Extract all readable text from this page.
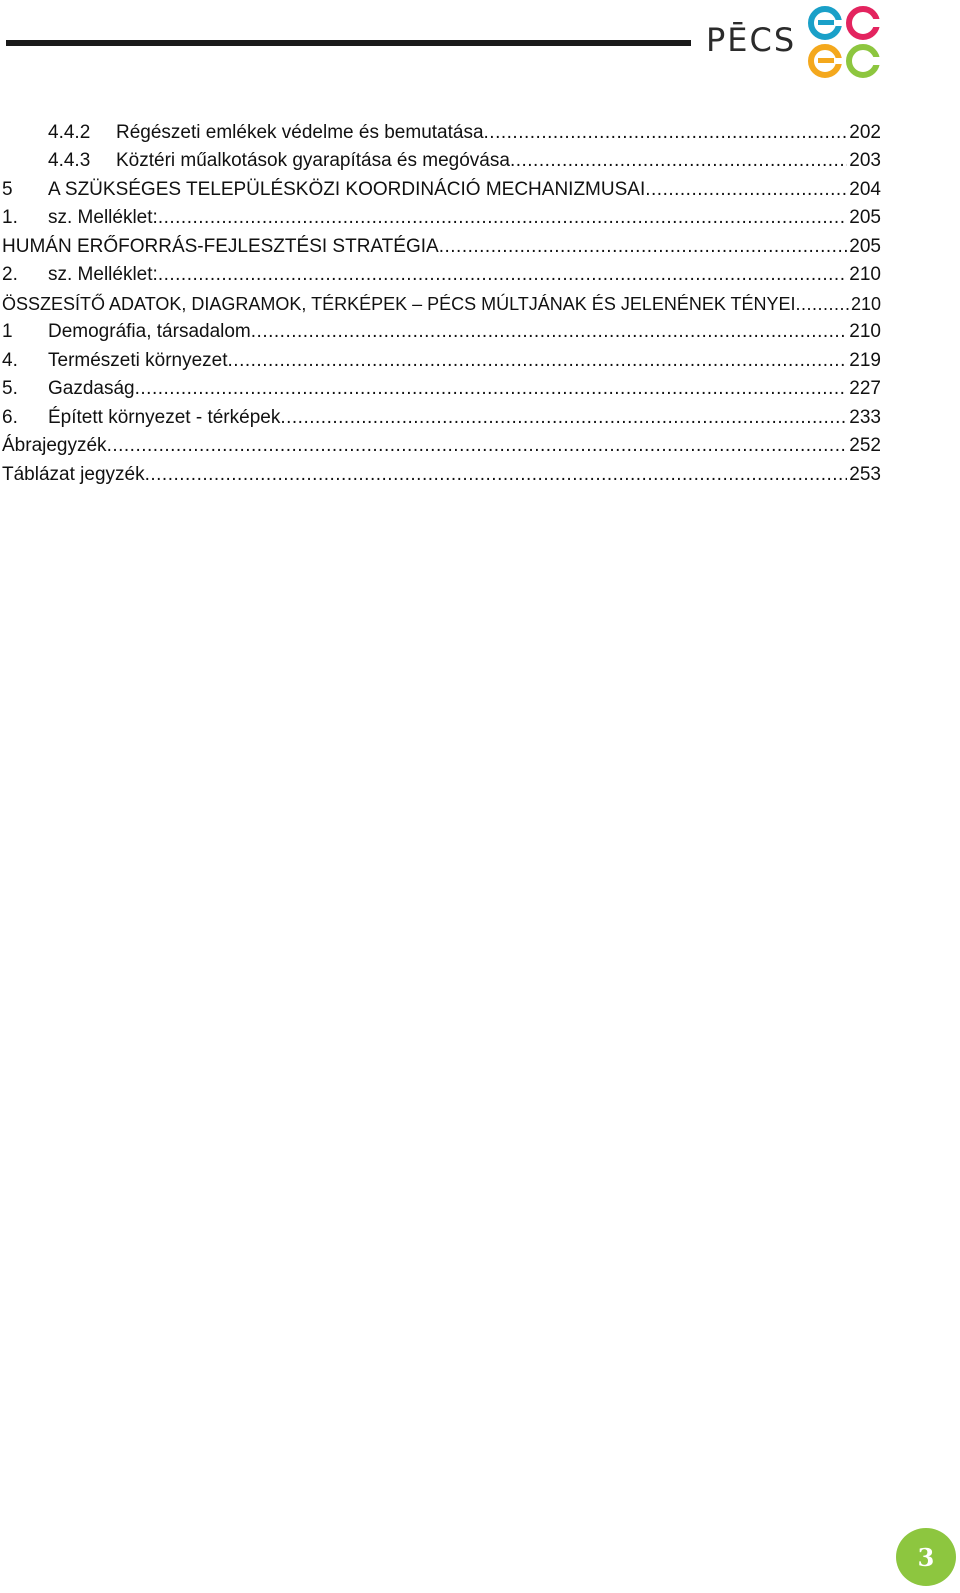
PĒCS
4.4.2	Régészeti emlékek védelme és bemutatása .....	202
4.4.3	Köztéri műalkotások gyarapítása és megóvása .....	203
5	A SZÜKSÉGES TELEPÜLÉSKÖZI KOORDINÁCIÓ MECHANIZMUSAI .....	204
1.	sz. Melléklet: .....	205
HUMÁN ERŐFORRÁS-FEJLESZTÉSI STRATÉGIA .....	205
2.	sz. Melléklet: .....	210
ÖSSZESÍTŐ ADATOK, DIAGRAMOK, TÉRKÉPEK – PÉCS MÚLTJÁNAK ÉS JELENÉNEK TÉNYEI .....	210
1	Demográfia, társadalom .....	210
4.	Természeti környezet .....	219
5.	Gazdaság .....	227
6.	Épített környezet - térképek .....	233
Ábrajegyzék .....	252
Táblázat jegyzék .....	253
3
